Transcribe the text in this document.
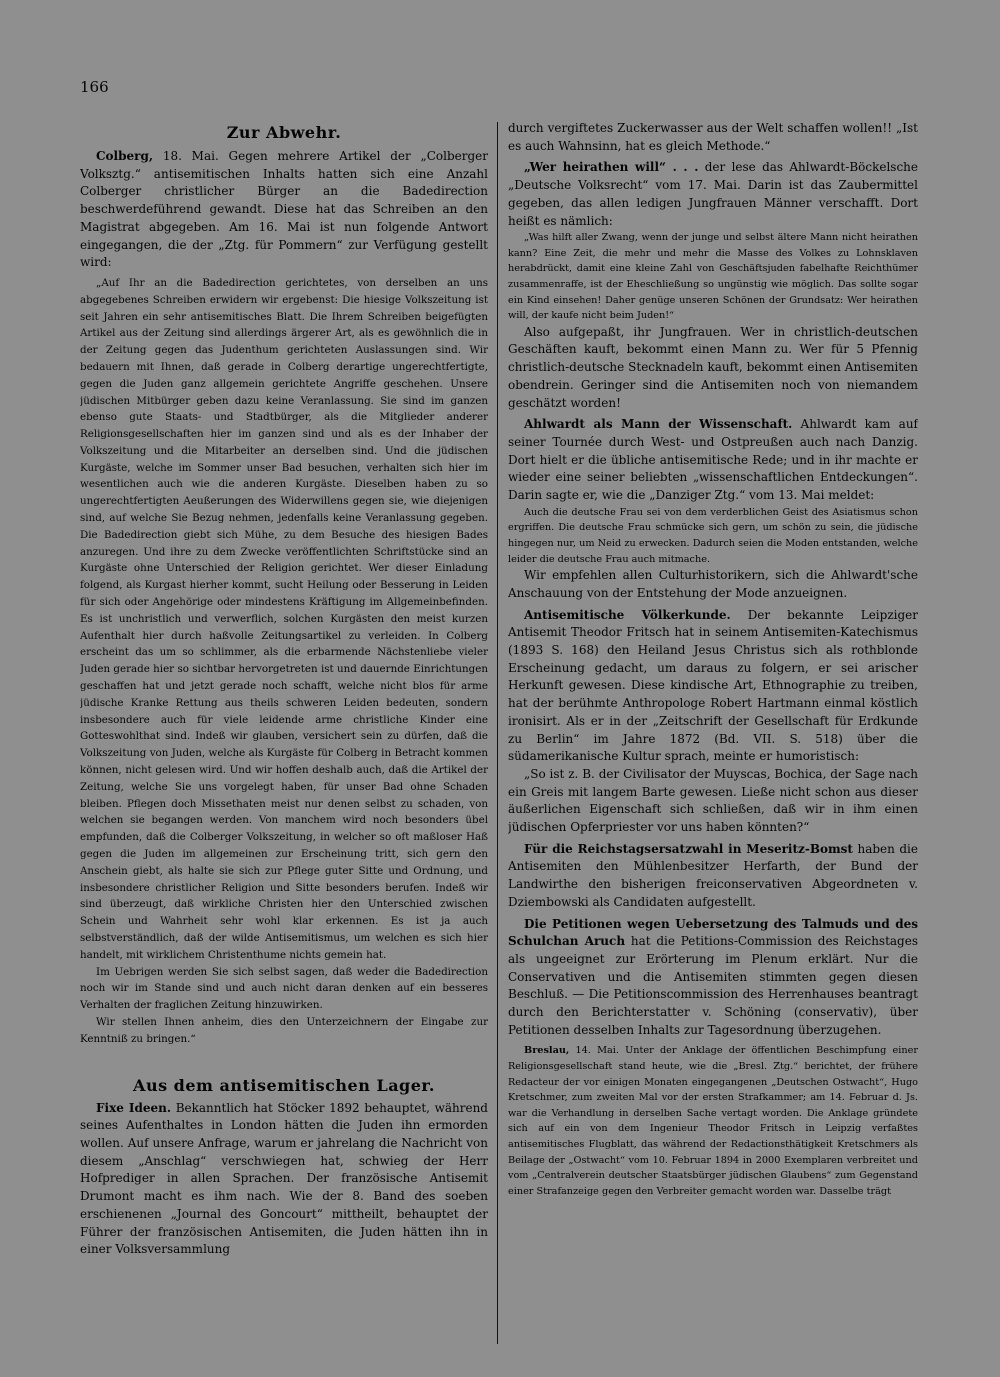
166
Zur Abwehr.

Colberg, 18. Mai. Gegen mehrere Artikel der „Colberger Volksztg.“ antisemitischen Inhalts hatten sich eine Anzahl Colberger christlicher Bürger an die Badedirection beschwerdeführend gewandt. Diese hat das Schreiben an den Magistrat abgegeben. Am 16. Mai ist nun folgende Antwort eingegangen, die der „Ztg. für Pommern“ zur Verfügung gestellt wird:

„Auf Ihr an die Badedirection gerichtetes, von derselben an uns abgegebenes Schreiben erwidern wir ergebenst: Die hiesige Volkszeitung ist seit Jahren ein sehr antisemitisches Blatt. Die Ihrem Schreiben beigefügten Artikel aus der Zeitung sind allerdings ärgerer Art, als es gewöhnlich die in der Zeitung gegen das Judenthum gerichteten Auslassungen sind. Wir bedauern mit Ihnen, daß gerade in Colberg derartige ungerechtfertigte, gegen die Juden ganz allgemein gerichtete Angriffe geschehen. Unsere jüdischen Mitbürger geben dazu keine Veranlassung. Sie sind im ganzen ebenso gute Staats- und Stadtbürger, als die Mitglieder anderer Religionsgesellschaften hier im ganzen sind und als es der Inhaber der Volkszeitung und die Mitarbeiter an derselben sind. Und die jüdischen Kurgäste, welche im Sommer unser Bad besuchen, verhalten sich hier im wesentlichen auch wie die anderen Kurgäste. Dieselben haben zu so ungerechtfertigten Aeußerungen des Widerwillens gegen sie, wie diejenigen sind, auf welche Sie Bezug nehmen, jedenfalls keine Veranlassung gegeben. Die Badedirection giebt sich Mühe, zu dem Besuche des hiesigen Bades anzuregen. Und ihre zu dem Zwecke veröffentlichten Schriftstücke sind an Kurgäste ohne Unterschied der Religion gerichtet. Wer dieser Einladung folgend, als Kurgast hierher kommt, sucht Heilung oder Besserung in Leiden für sich oder Angehörige oder mindestens Kräftigung im Allgemeinbefinden. Es ist unchristlich und verwerflich, solchen Kurgästen den meist kurzen Aufenthalt hier durch haßvolle Zeitungsartikel zu verleiden. In Colberg erscheint das um so schlimmer, als die erbarmende Nächstenliebe vieler Juden gerade hier so sichtbar hervorgetreten ist und dauernde Einrichtungen geschaffen hat und jetzt gerade noch schafft, welche nicht blos für arme jüdische Kranke Rettung aus theils schweren Leiden bedeuten, sondern insbesondere auch für viele leidende arme christliche Kinder eine Gotteswohlthat sind. Indeß wir glauben, versichert sein zu dürfen, daß die Volkszeitung von Juden, welche als Kurgäste für Colberg in Betracht kommen können, nicht gelesen wird. Und wir hoffen deshalb auch, daß die Artikel der Zeitung, welche Sie uns vorgelegt haben, für unser Bad ohne Schaden bleiben. Pflegen doch Missethaten meist nur denen selbst zu schaden, von welchen sie begangen werden. Von manchem wird noch besonders übel empfunden, daß die Colberger Volkszeitung, in welcher so oft maßloser Haß gegen die Juden im allgemeinen zur Erscheinung tritt, sich gern den Anschein giebt, als halte sie sich zur Pflege guter Sitte und Ordnung, und insbesondere christlicher Religion und Sitte besonders berufen. Indeß wir sind überzeugt, daß wirkliche Christen hier den Unterschied zwischen Schein und Wahrheit sehr wohl klar erkennen. Es ist ja auch selbstverständlich, daß der wilde Antisemitismus, um welchen es sich hier handelt, mit wirklichem Christenthume nichts gemein hat.

Im Uebrigen werden Sie sich selbst sagen, daß weder die Badedirection noch wir im Stande sind und auch nicht daran denken auf ein besseres Verhalten der fraglichen Zeitung hinzuwirken.

Wir stellen Ihnen anheim, dies den Unterzeichnern der Eingabe zur Kenntniß zu bringen.“

Aus dem antisemitischen Lager.

Fixe Ideen. Bekanntlich hat Stöcker 1892 behauptet, während seines Aufenthaltes in London hätten die Juden ihn ermorden wollen. Auf unsere Anfrage, warum er jahrelang die Nachricht von diesem „Anschlag“ verschwiegen hat, schwieg der Herr Hofprediger in allen Sprachen. Der französische Antisemit Drumont macht es ihm nach. Wie der 8. Band des soeben erschienenen „Journal des Goncourt“ mittheilt, behauptet der Führer der französischen Antisemiten, die Juden hätten ihn in einer Volksversammlung

durch vergiftetes Zuckerwasser aus der Welt schaffen wollen!! „Ist es auch Wahnsinn, hat es gleich Methode.“

„Wer heirathen will“ . . . der lese das Ahlwardt-Böckelsche „Deutsche Volksrecht“ vom 17. Mai. Darin ist das Zaubermittel gegeben, das allen ledigen Jungfrauen Männer verschafft. Dort heißt es nämlich:

„Was hilft aller Zwang, wenn der junge und selbst ältere Mann nicht heirathen kann? Eine Zeit, die mehr und mehr die Masse des Volkes zu Lohnsklaven herabdrückt, damit eine kleine Zahl von Geschäftsjuden fabelhafte Reichthümer zusammenraffe, ist der Eheschließung so ungünstig wie möglich. Das sollte sogar ein Kind einsehen! Daher genüge unseren Schönen der Grundsatz: Wer heirathen will, der kaufe nicht beim Juden!“

Also aufgepaßt, ihr Jungfrauen. Wer in christlich-deutschen Geschäften kauft, bekommt einen Mann zu. Wer für 5 Pfennig christlich-deutsche Stecknadeln kauft, bekommt einen Antisemiten obendrein. Geringer sind die Antisemiten noch von niemandem geschätzt worden!

Ahlwardt als Mann der Wissenschaft. Ahlwardt kam auf seiner Tournée durch West- und Ostpreußen auch nach Danzig. Dort hielt er die übliche antisemitische Rede; und in ihr machte er wieder eine seiner beliebten „wissenschaftlichen Entdeckungen“. Darin sagte er, wie die „Danziger Ztg.“ vom 13. Mai meldet:

Auch die deutsche Frau sei von dem verderblichen Geist des Asiatismus schon ergriffen. Die deutsche Frau schmücke sich gern, um schön zu sein, die jüdische hingegen nur, um Neid zu erwecken. Dadurch seien die Moden entstanden, welche leider die deutsche Frau auch mitmache.

Wir empfehlen allen Culturhistorikern, sich die Ahlwardt'sche Anschauung von der Entstehung der Mode anzueignen.

Antisemitische Völkerkunde. Der bekannte Leipziger Antisemit Theodor Fritsch hat in seinem Antisemiten-Katechismus (1893 S. 168) den Heiland Jesus Christus sich als rothblonde Erscheinung gedacht, um daraus zu folgern, er sei arischer Herkunft gewesen. Diese kindische Art, Ethnographie zu treiben, hat der berühmte Anthropologe Robert Hartmann einmal köstlich ironisirt. Als er in der „Zeitschrift der Gesellschaft für Erdkunde zu Berlin“ im Jahre 1872 (Bd. VII. S. 518) über die südamerikanische Kultur sprach, meinte er humoristisch:

„So ist z. B. der Civilisator der Muyscas, Bochica, der Sage nach ein Greis mit langem Barte gewesen. Ließe nicht schon aus dieser äußerlichen Eigenschaft sich schließen, daß wir in ihm einen jüdischen Opferpriester vor uns haben könnten?“

Für die Reichstagsersatzwahl in Meseritz-Bomst haben die Antisemiten den Mühlenbesitzer Herfarth, der Bund der Landwirthe den bisherigen freiconservativen Abgeordneten v. Dziembowski als Candidaten aufgestellt.

Die Petitionen wegen Uebersetzung des Talmuds und des Schulchan Aruch hat die Petitions-Commission des Reichstages als ungeeignet zur Erörterung im Plenum erklärt. Nur die Conservativen und die Antisemiten stimmten gegen diesen Beschluß. — Die Petitionscommission des Herrenhauses beantragt durch den Berichterstatter v. Schöning (conservativ), über Petitionen desselben Inhalts zur Tagesordnung überzugehen.

Breslau, 14. Mai. Unter der Anklage der öffentlichen Beschimpfung einer Religionsgesellschaft stand heute, wie die „Bresl. Ztg.“ berichtet, der frühere Redacteur der vor einigen Monaten eingegangenen „Deutschen Ostwacht“, Hugo Kretschmer, zum zweiten Mal vor der ersten Strafkammer; am 14. Februar d. Js. war die Verhandlung in derselben Sache vertagt worden. Die Anklage gründete sich auf ein von dem Ingenieur Theodor Fritsch in Leipzig verfaßtes antisemitisches Flugblatt, das während der Redactionsthätigkeit Kretschmers als Beilage der „Ostwacht“ vom 10. Februar 1894 in 2000 Exemplaren verbreitet und vom „Centralverein deutscher Staatsbürger jüdischen Glaubens“ zum Gegenstand einer Strafanzeige gegen den Verbreiter gemacht worden war. Dasselbe trägt
